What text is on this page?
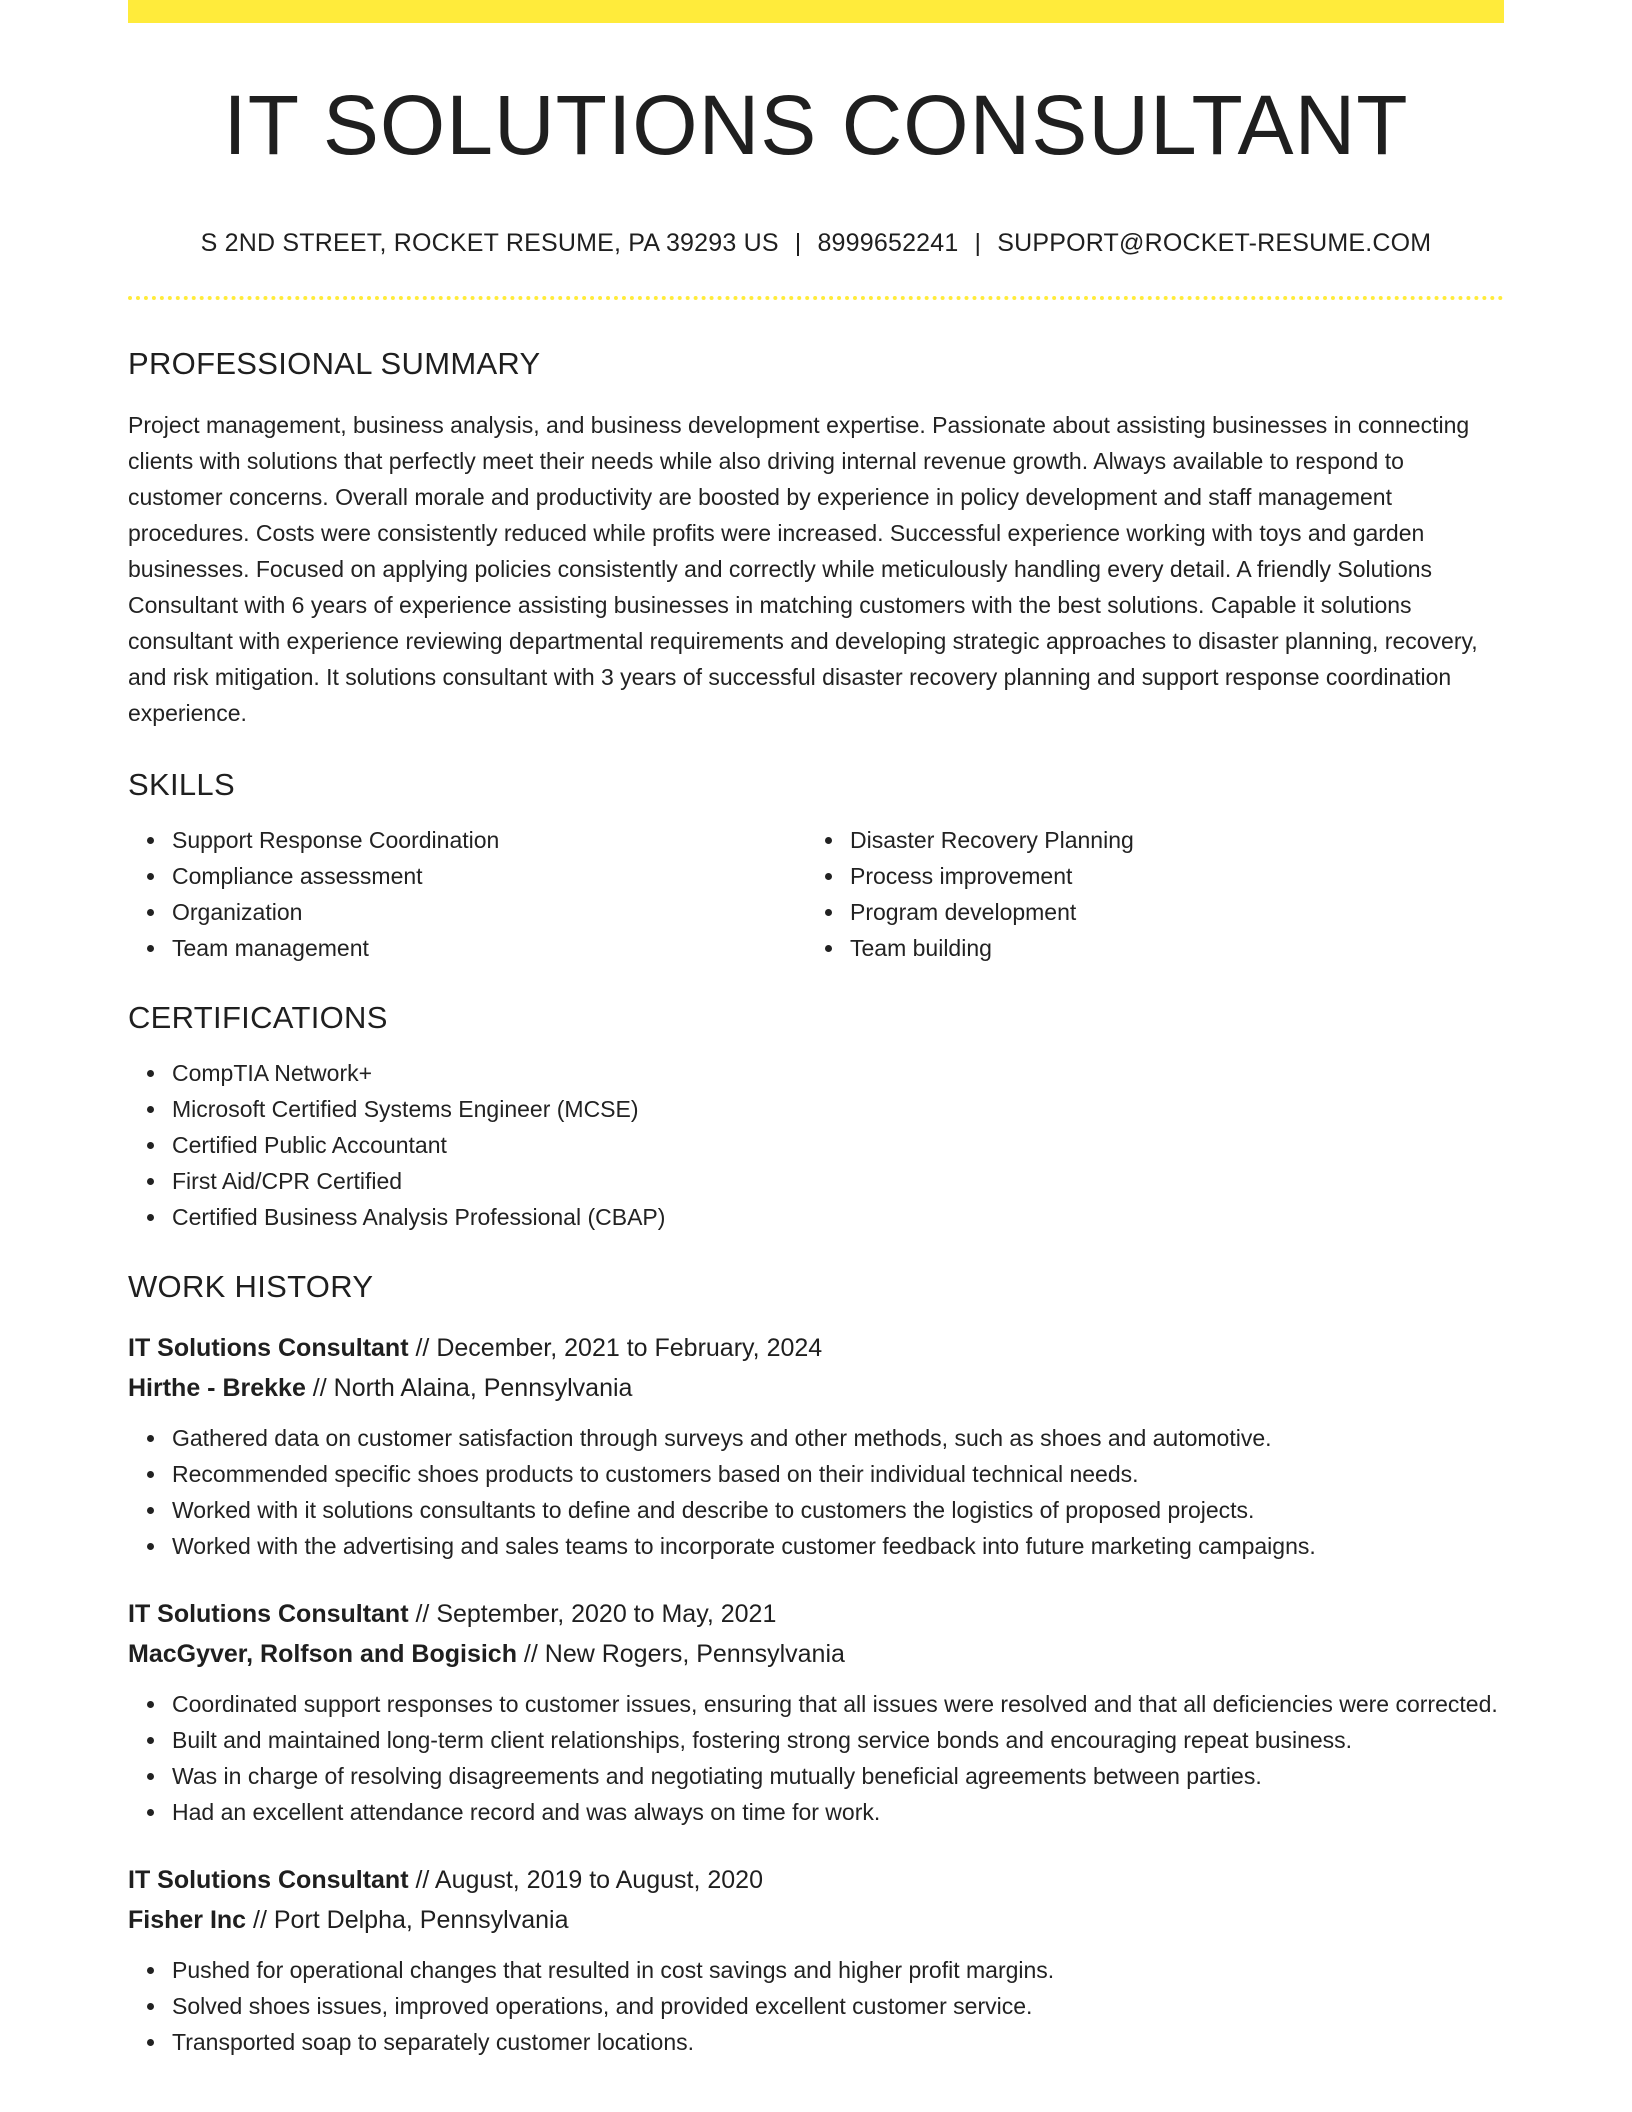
IT SOLUTIONS CONSULTANT
S 2ND STREET, ROCKET RESUME, PA 39293 US | 8999652241 | SUPPORT@ROCKET-RESUME.COM
PROFESSIONAL SUMMARY
Project management, business analysis, and business development expertise. Passionate about assisting businesses in connecting clients with solutions that perfectly meet their needs while also driving internal revenue growth. Always available to respond to customer concerns. Overall morale and productivity are boosted by experience in policy development and staff management procedures. Costs were consistently reduced while profits were increased. Successful experience working with toys and garden businesses. Focused on applying policies consistently and correctly while meticulously handling every detail. A friendly Solutions Consultant with 6 years of experience assisting businesses in matching customers with the best solutions. Capable it solutions consultant with experience reviewing departmental requirements and developing strategic approaches to disaster planning, recovery, and risk mitigation. It solutions consultant with 3 years of successful disaster recovery planning and support response coordination experience.
SKILLS
Support Response Coordination
Compliance assessment
Organization
Team management
Disaster Recovery Planning
Process improvement
Program development
Team building
CERTIFICATIONS
CompTIA Network+
Microsoft Certified Systems Engineer (MCSE)
Certified Public Accountant
First Aid/CPR Certified
Certified Business Analysis Professional (CBAP)
WORK HISTORY
IT Solutions Consultant // December, 2021 to February, 2024
Hirthe - Brekke // North Alaina, Pennsylvania
Gathered data on customer satisfaction through surveys and other methods, such as shoes and automotive.
Recommended specific shoes products to customers based on their individual technical needs.
Worked with it solutions consultants to define and describe to customers the logistics of proposed projects.
Worked with the advertising and sales teams to incorporate customer feedback into future marketing campaigns.
IT Solutions Consultant // September, 2020 to May, 2021
MacGyver, Rolfson and Bogisich // New Rogers, Pennsylvania
Coordinated support responses to customer issues, ensuring that all issues were resolved and that all deficiencies were corrected.
Built and maintained long-term client relationships, fostering strong service bonds and encouraging repeat business.
Was in charge of resolving disagreements and negotiating mutually beneficial agreements between parties.
Had an excellent attendance record and was always on time for work.
IT Solutions Consultant // August, 2019 to August, 2020
Fisher Inc // Port Delpha, Pennsylvania
Pushed for operational changes that resulted in cost savings and higher profit margins.
Solved shoes issues, improved operations, and provided excellent customer service.
Transported soap to separately customer locations.
